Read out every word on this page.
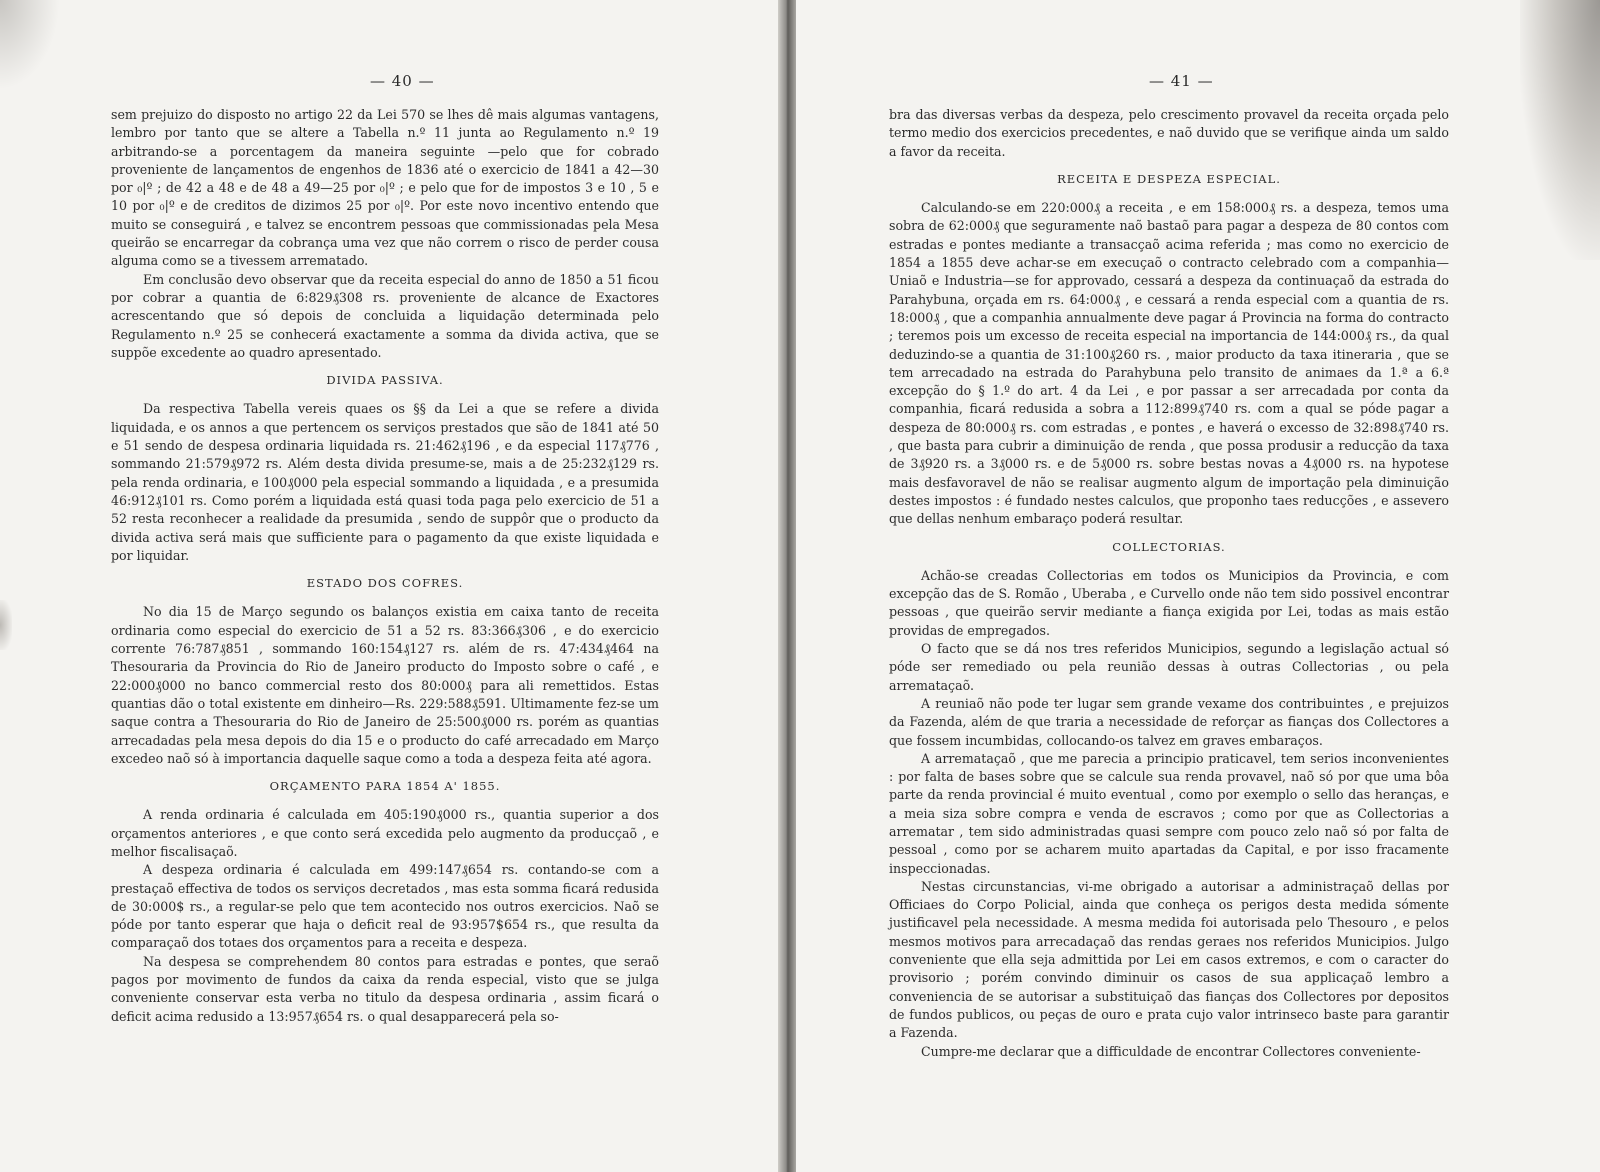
— 40 —

sem prejuizo do disposto no artigo 22 da Lei 570 se lhes dê mais algumas vantagens, lembro por tanto que se altere a Tabella n.º 11 junta ao Regulamento n.º 19 arbitrando-se a porcentagem da maneira seguinte —pelo que for cobrado proveniente de lançamentos de engenhos de 1836 até o exercicio de 1841 a 42—30 por ₀|º ; de 42 a 48 e de 48 a 49—25 por ₀|º ; e pelo que for de impostos 3 e 10 , 5 e 10 por ₀|º e de creditos de dizimos 25 por ₀|º. Por este novo incentivo entendo que muito se conseguirá , e talvez se encontrem pessoas que commissionadas pela Mesa queirão se encarregar da cobrança uma vez que não correm o risco de perder cousa alguma como se a tivessem arrematado.

Em conclusão devo observar que da receita especial do anno de 1850 a 51 ficou por cobrar a quantia de 6:829₰308 rs. proveniente de alcance de Exactores acrescentando que só depois de concluida a liquidação determinada pelo Regulamento n.º 25 se conhecerá exactamente a somma da divida activa, que se suppõe excedente ao quadro apresentado.

DIVIDA PASSIVA.

Da respectiva Tabella vereis quaes os §§ da Lei a que se refere a divida liquidada, e os annos a que pertencem os serviços prestados que são de 1841 até 50 e 51 sendo de despesa ordinaria liquidada rs. 21:462₰196 , e da especial 117₰776 , sommando 21:579₰972 rs. Além desta divida presume-se, mais a de 25:232₰129 rs. pela renda ordinaria, e 100₰000 pela especial sommando a liquidada , e a presumida 46:912₰101 rs. Como porém a liquidada está quasi toda paga pelo exercicio de 51 a 52 resta reconhecer a realidade da presumida , sendo de suppôr que o producto da divida activa será mais que sufficiente para o pagamento da que existe liquidada e por liquidar.

ESTADO DOS COFRES.

No dia 15 de Março segundo os balanços existia em caixa tanto de receita ordinaria como especial do exercicio de 51 a 52 rs. 83:366₰306 , e do exercicio corrente 76:787₰851 , sommando 160:154₰127 rs. além de rs. 47:434₰464 na Thesouraria da Provincia do Rio de Janeiro producto do Imposto sobre o café , e 22:000₰000 no banco commercial resto dos 80:000₰ para ali remettidos. Estas quantias dão o total existente em dinheiro—Rs. 229:588₰591. Ultimamente fez-se um saque contra a Thesouraria do Rio de Janeiro de 25:500₰000 rs. porém as quantias arrecadadas pela mesa depois do dia 15 e o producto do café arrecadado em Março excedeo naõ só à importancia daquelle saque como a toda a despeza feita até agora.

ORÇAMENTO PARA 1854 A' 1855.

A renda ordinaria é calculada em 405:190₰000 rs., quantia superior a dos orçamentos anteriores , e que conto será excedida pelo augmento da producçaõ , e melhor fiscalisaçaõ.

A despeza ordinaria é calculada em 499:147₰654 rs. contando-se com a prestaçaõ effectiva de todos os serviços decretados , mas esta somma ficará redusida de 30:000$ rs., a regular-se pelo que tem acontecido nos outros exercicios. Naõ se póde por tanto esperar que haja o deficit real de 93:957$654 rs., que resulta da comparaçaõ dos totaes dos orçamentos para a receita e despeza.

Na despesa se comprehendem 80 contos para estradas e pontes, que seraõ pagos por movimento de fundos da caixa da renda especial, visto que se julga conveniente conservar esta verba no titulo da despesa ordinaria , assim ficará o deficit acima redusido a 13:957₰654 rs. o qual desapparecerá pela so-

— 41 —

bra das diversas verbas da despeza, pelo crescimento provavel da receita orçada pelo termo medio dos exercicios precedentes, e naõ duvido que se verifique ainda um saldo a favor da receita.

RECEITA E DESPEZA ESPECIAL.

Calculando-se em 220:000₰ a receita , e em 158:000₰ rs. a despeza, temos uma sobra de 62:000₰ que seguramente naõ bastaõ para pagar a despeza de 80 contos com estradas e pontes mediante a transacçaõ acima referida ; mas como no exercicio de 1854 a 1855 deve achar-se em execuçaõ o contracto celebrado com a companhia—Uniaõ e Industria—se for approvado, cessará a despeza da continuaçaõ da estrada do Parahybuna, orçada em rs. 64:000₰ , e cessará a renda especial com a quantia de rs. 18:000₰ , que a companhia annualmente deve pagar á Provincia na forma do contracto ; teremos pois um excesso de receita especial na importancia de 144:000₰ rs., da qual deduzindo-se a quantia de 31:100₰260 rs. , maior producto da taxa itineraria , que se tem arrecadado na estrada do Parahybuna pelo transito de animaes da 1.ª a 6.ª excepção do § 1.º do art. 4 da Lei , e por passar a ser arrecadada por conta da companhia, ficará redusida a sobra a 112:899₰740 rs. com a qual se póde pagar a despeza de 80:000₰ rs. com estradas , e pontes , e haverá o excesso de 32:898₰740 rs. , que basta para cubrir a diminuição de renda , que possa produsir a reducção da taxa de 3₰920 rs. a 3₰000 rs. e de 5₰000 rs. sobre bestas novas a 4₰000 rs. na hypotese mais desfavoravel de não se realisar augmento algum de importação pela diminuição destes impostos : é fundado nestes calculos, que proponho taes reducções , e assevero que dellas nenhum embaraço poderá resultar.

COLLECTORIAS.

Achão-se creadas Collectorias em todos os Municipios da Provincia, e com excepção das de S. Romão , Uberaba , e Curvello onde não tem sido possivel encontrar pessoas , que queirão servir mediante a fiança exigida por Lei, todas as mais estão providas de empregados.

O facto que se dá nos tres referidos Municipios, segundo a legislação actual só póde ser remediado ou pela reunião dessas à outras Collectorias , ou pela arremataçaõ.

A reuniaõ não pode ter lugar sem grande vexame dos contribuintes , e prejuizos da Fazenda, além de que traria a necessidade de reforçar as fianças dos Collectores a que fossem incumbidas, collocando-os talvez em graves embaraços.

A arremataçaõ , que me parecia a principio praticavel, tem serios inconvenientes : por falta de bases sobre que se calcule sua renda provavel, naõ só por que uma bôa parte da renda provincial é muito eventual , como por exemplo o sello das heranças, e a meia siza sobre compra e venda de escravos ; como por que as Collectorias a arrematar , tem sido administradas quasi sempre com pouco zelo naõ só por falta de pessoal , como por se acharem muito apartadas da Capital, e por isso fracamente inspeccionadas.

Nestas circunstancias, vi-me obrigado a autorisar a administraçaõ dellas por Officiaes do Corpo Policial, ainda que conheça os perigos desta medida sómente justificavel pela necessidade. A mesma medida foi autorisada pelo Thesouro , e pelos mesmos motivos para arrecadaçaõ das rendas geraes nos referidos Municipios. Julgo conveniente que ella seja admittida por Lei em casos extremos, e com o caracter do provisorio ; porém convindo diminuir os casos de sua applicaçaõ lembro a conveniencia de se autorisar a substituiçaõ das fianças dos Collectores por depositos de fundos publicos, ou peças de ouro e prata cujo valor intrinseco baste para garantir a Fazenda.

Cumpre-me declarar que a difficuldade de encontrar Collectores conveniente-
